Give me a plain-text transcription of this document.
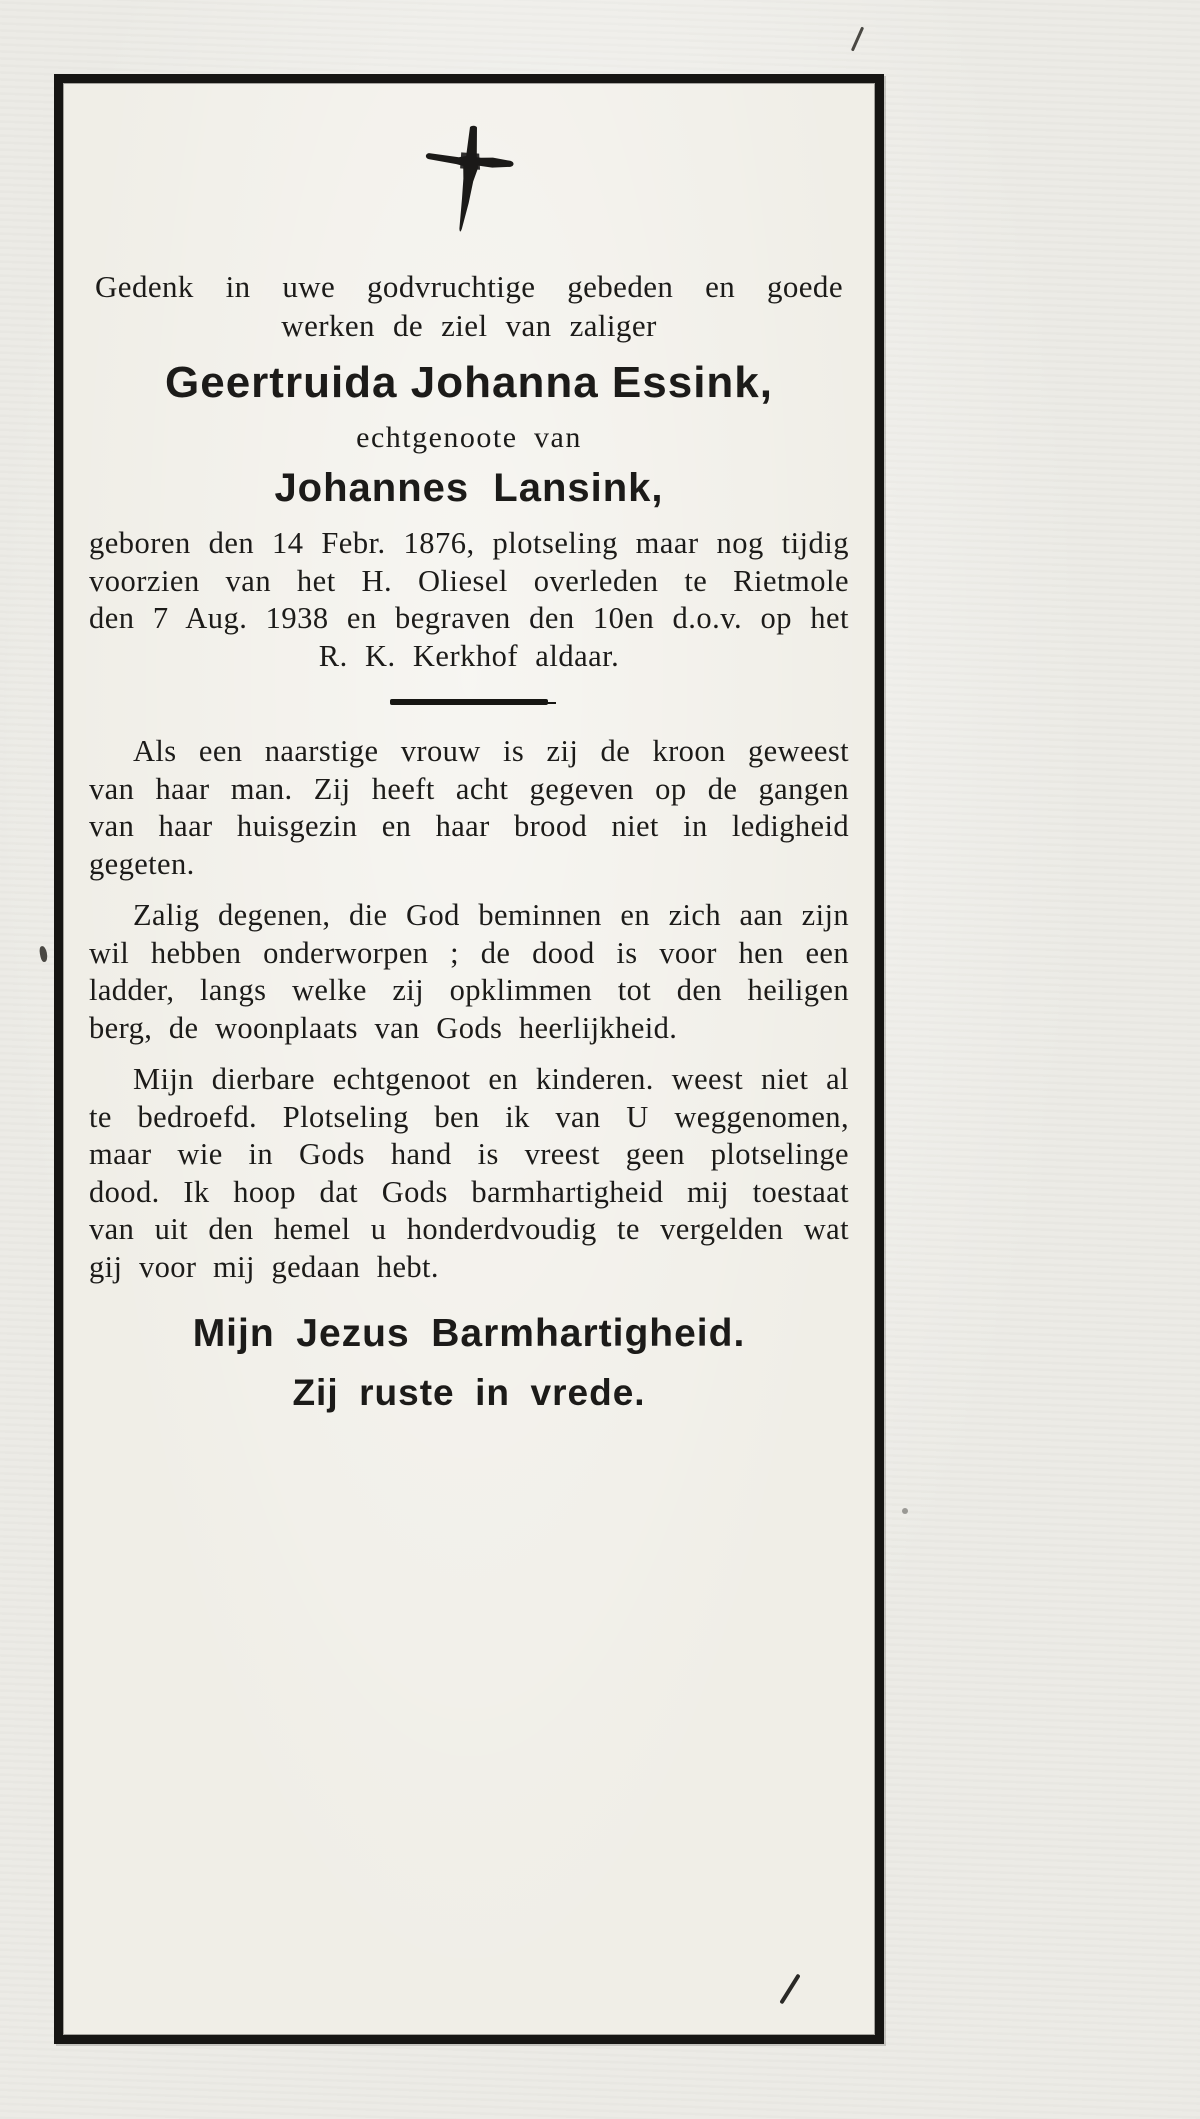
Gedenk in uwe godvruchtige gebeden en goede werken de ziel van zaliger

Geertruida Johanna Essink,

echtgenoote van

Johannes Lansink,

geboren den 14 Febr. 1876, plotseling maar nog tijdig voorzien van het H. Oliesel overleden te Rietmole den 7 Aug. 1938 en begraven den 10en d.o.v. op het R. K. Kerkhof aldaar.

Als een naarstige vrouw is zij de kroon geweest van haar man. Zij heeft acht gegeven op de gangen van haar huisgezin en haar brood niet in ledigheid gegeten.

Zalig degenen, die God beminnen en zich aan zijn wil hebben onderworpen ; de dood is voor hen een ladder, langs welke zij opklimmen tot den heiligen berg, de woonplaats van Gods heerlijkheid.

Mijn dierbare echtgenoot en kinderen. weest niet al te bedroefd. Plotseling ben ik van U weggenomen, maar wie in Gods hand is vreest geen plotselinge dood. Ik hoop dat Gods barmhartigheid mij toestaat van uit den hemel u honderdvoudig te vergelden wat gij voor mij gedaan hebt.

Mijn Jezus Barmhartigheid.

Zij ruste in vrede.
